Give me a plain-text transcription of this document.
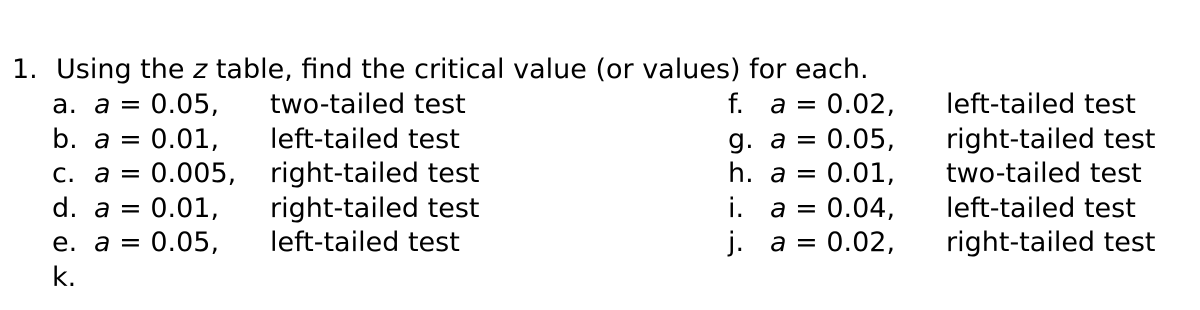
1. Using the z table, find the critical value (or values) for each.
a. a = 0.05, two-tailed test
b. a = 0.01, left-tailed test
c. a = 0.005, right-tailed test
d. a = 0.01, right-tailed test
e. a = 0.05, left-tailed test
k.
f. a = 0.02, left-tailed test
g. a = 0.05, right-tailed test
h. a = 0.01, two-tailed test
i. a = 0.04, left-tailed test
j. a = 0.02, right-tailed test
